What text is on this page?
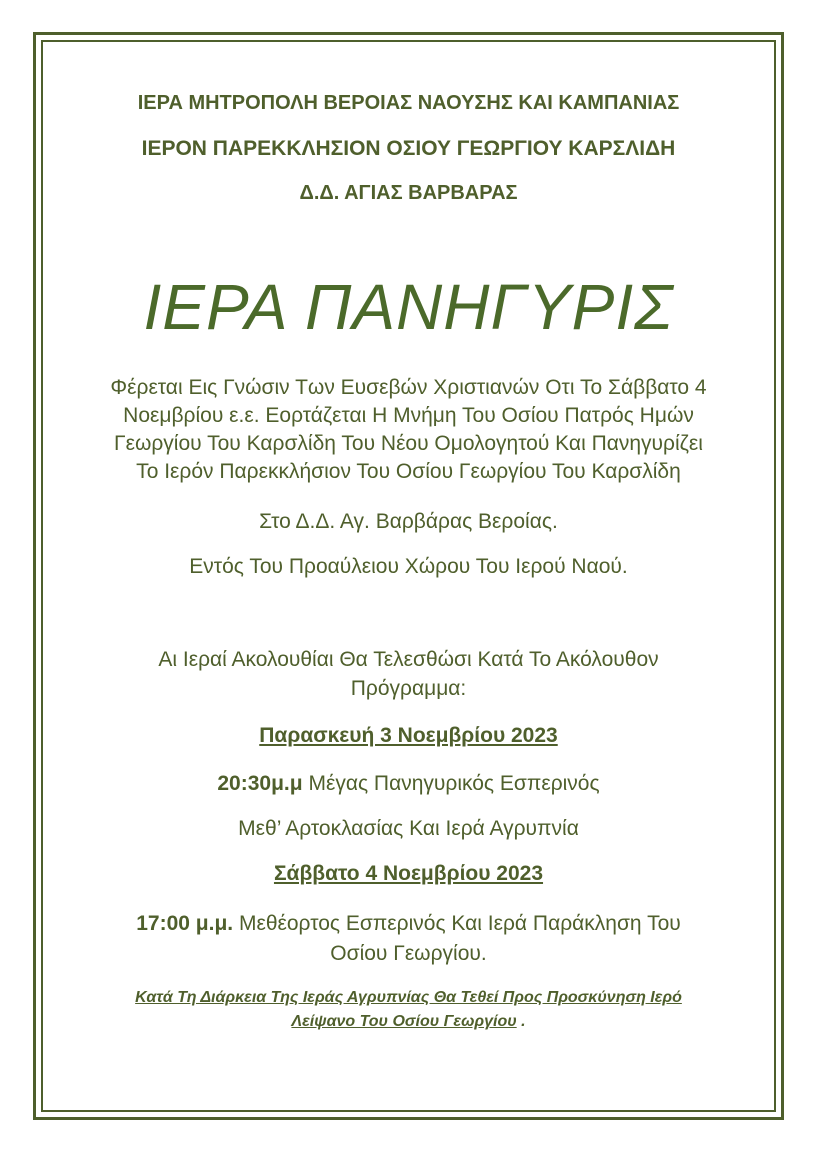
ΙΕΡΑ ΜΗΤΡΟΠΟΛΗ ΒΕΡΟΙΑΣ ΝΑΟΥΣΗΣ ΚΑΙ ΚΑΜΠΑΝΙΑΣ
ΙΕΡΟΝ ΠΑΡΕΚΚΛΗΣΙΟΝ ΟΣΙΟΥ ΓΕΩΡΓΙΟΥ ΚΑΡΣΛΙΔΗ
Δ.Δ. ΑΓΙΑΣ ΒΑΡΒΑΡΑΣ
ΙΕΡΑ ΠΑΝΗΓΥΡΙΣ
Φέρεται Εις Γνώσιν Των Ευσεβών Χριστιανών Οτι Το Σάββατο 4
Νοεμβρίου ε.ε. Εορτάζεται Η Μνήμη Του Οσίου Πατρός Ημών
Γεωργίου Του Καρσλίδη Του Νέου Ομολογητού Και Πανηγυρίζει
Το Ιερόν Παρεκκλήσιον Του Οσίου Γεωργίου Του Καρσλίδη
Στο Δ.Δ. Αγ. Βαρβάρας Βεροίας.
Εντός Του Προαύλειου Χώρου Του Ιερού Ναού.
Αι Ιεραί Ακολουθίαι Θα Τελεσθώσι Κατά Το Ακόλουθον
Πρόγραμμα:
Παρασκευή 3 Νοεμβρίου 2023
20:30μ.μ Μέγας Πανηγυρικός Εσπερινός
Μεθ’ Αρτοκλασίας Και Ιερά Αγρυπνία
Σάββατο 4 Νοεμβρίου 2023
17:00 μ.μ. Μεθέορτος Εσπερινός Και Ιερά Παράκληση Του
Οσίου Γεωργίου.
Κατά Τη Διάρκεια Της Ιεράς Αγρυπνίας Θα Τεθεί Προς Προσκύνηση Ιερό
Λείψανο Του Οσίου Γεωργίου .
